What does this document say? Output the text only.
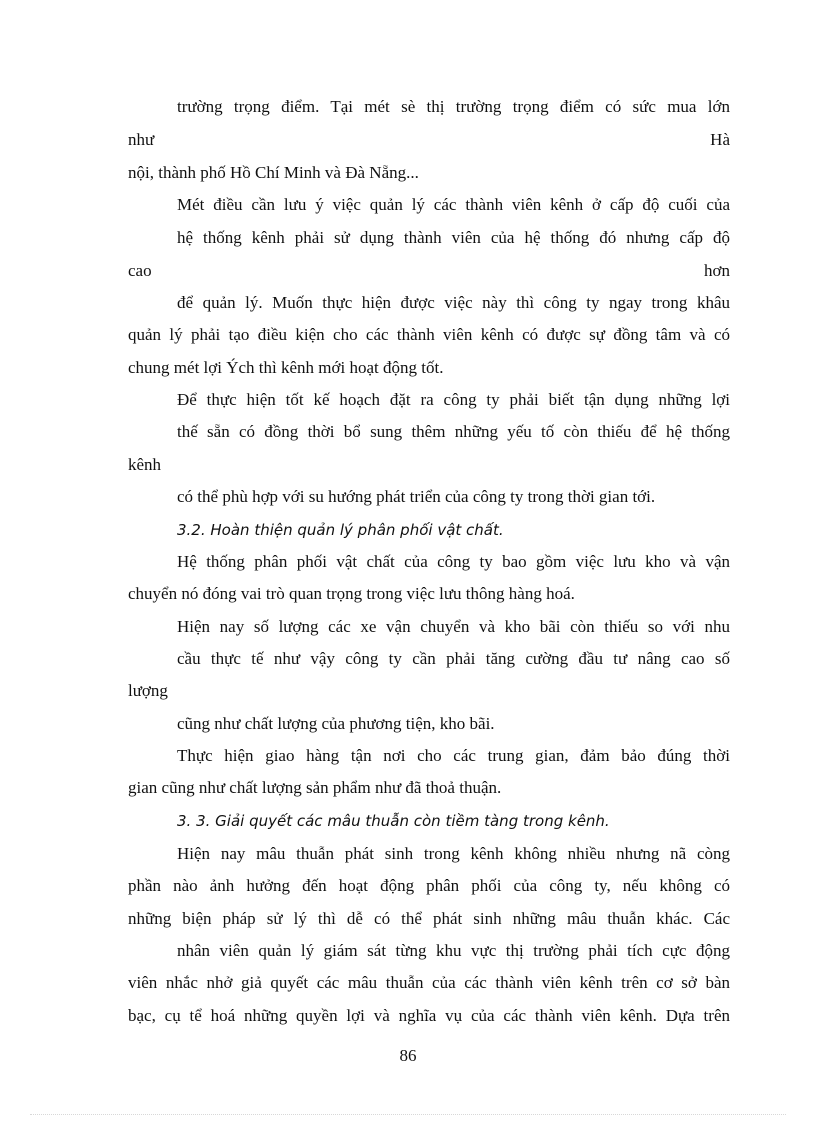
trường trọng điểm. Tại mét sè thị trường trọng điểm có sức mua lớn
như	Hà
nội, thành phố Hồ Chí Minh và Đà Nẵng...
Mét điều cần lưu ý việc quản lý các thành viên kênh ở cấp độ cuối của
hệ thống kênh phải sử dụng thành viên của hệ thống đó nhưng cấp độ
cao	hơn
để quản lý. Muốn thực hiện được việc này thì công ty ngay trong khâu
quản lý phải tạo điều kiện cho các thành viên kênh có được sự đồng tâm và có
chung mét lợi Ých thì kênh mới hoạt động tốt.
Để thực hiện tốt kế hoạch đặt ra công ty phải biết tận dụng những lợi
thế sẵn có đồng thời bổ sung thêm những yếu tố còn thiếu để hệ thống
kênh
có thể phù hợp với su hướng phát triển của công ty trong thời gian tới.
3.2. Hoàn thiện quản lý phân phối vật chất.
Hệ thống phân phối vật chất của công ty bao gồm việc lưu kho và vận
chuyển nó đóng vai trò quan trọng trong việc lưu thông hàng hoá.
Hiện nay số lượng các xe vận chuyển và kho bãi còn thiếu so với nhu
cầu thực tế như vậy công ty cần phải tăng cường đầu tư nâng cao số
lượng
cũng như chất lượng của phương tiện, kho bãi.
Thực hiện giao hàng tận nơi cho các trung gian, đảm bảo đúng thời
gian cũng như chất lượng sản phẩm như đã thoả thuận.
3. 3. Giải quyết các mâu thuẫn còn tiềm tàng trong kênh.
Hiện nay mâu thuẫn phát sinh trong kênh không nhiều nhưng nã còng
phần nào ảnh hưởng đến hoạt động phân phối của công ty, nếu không có
những biện pháp sử lý thì dễ có thể phát sinh những mâu thuẫn khác. Các
nhân viên quản lý giám sát từng khu vực thị trường phải tích cực động
viên nhắc nhở giả quyết các mâu thuẫn của các thành viên kênh trên cơ sở bàn
bạc, cụ tể hoá những quyền lợi và nghĩa vụ của các thành viên kênh. Dựa trên
86
